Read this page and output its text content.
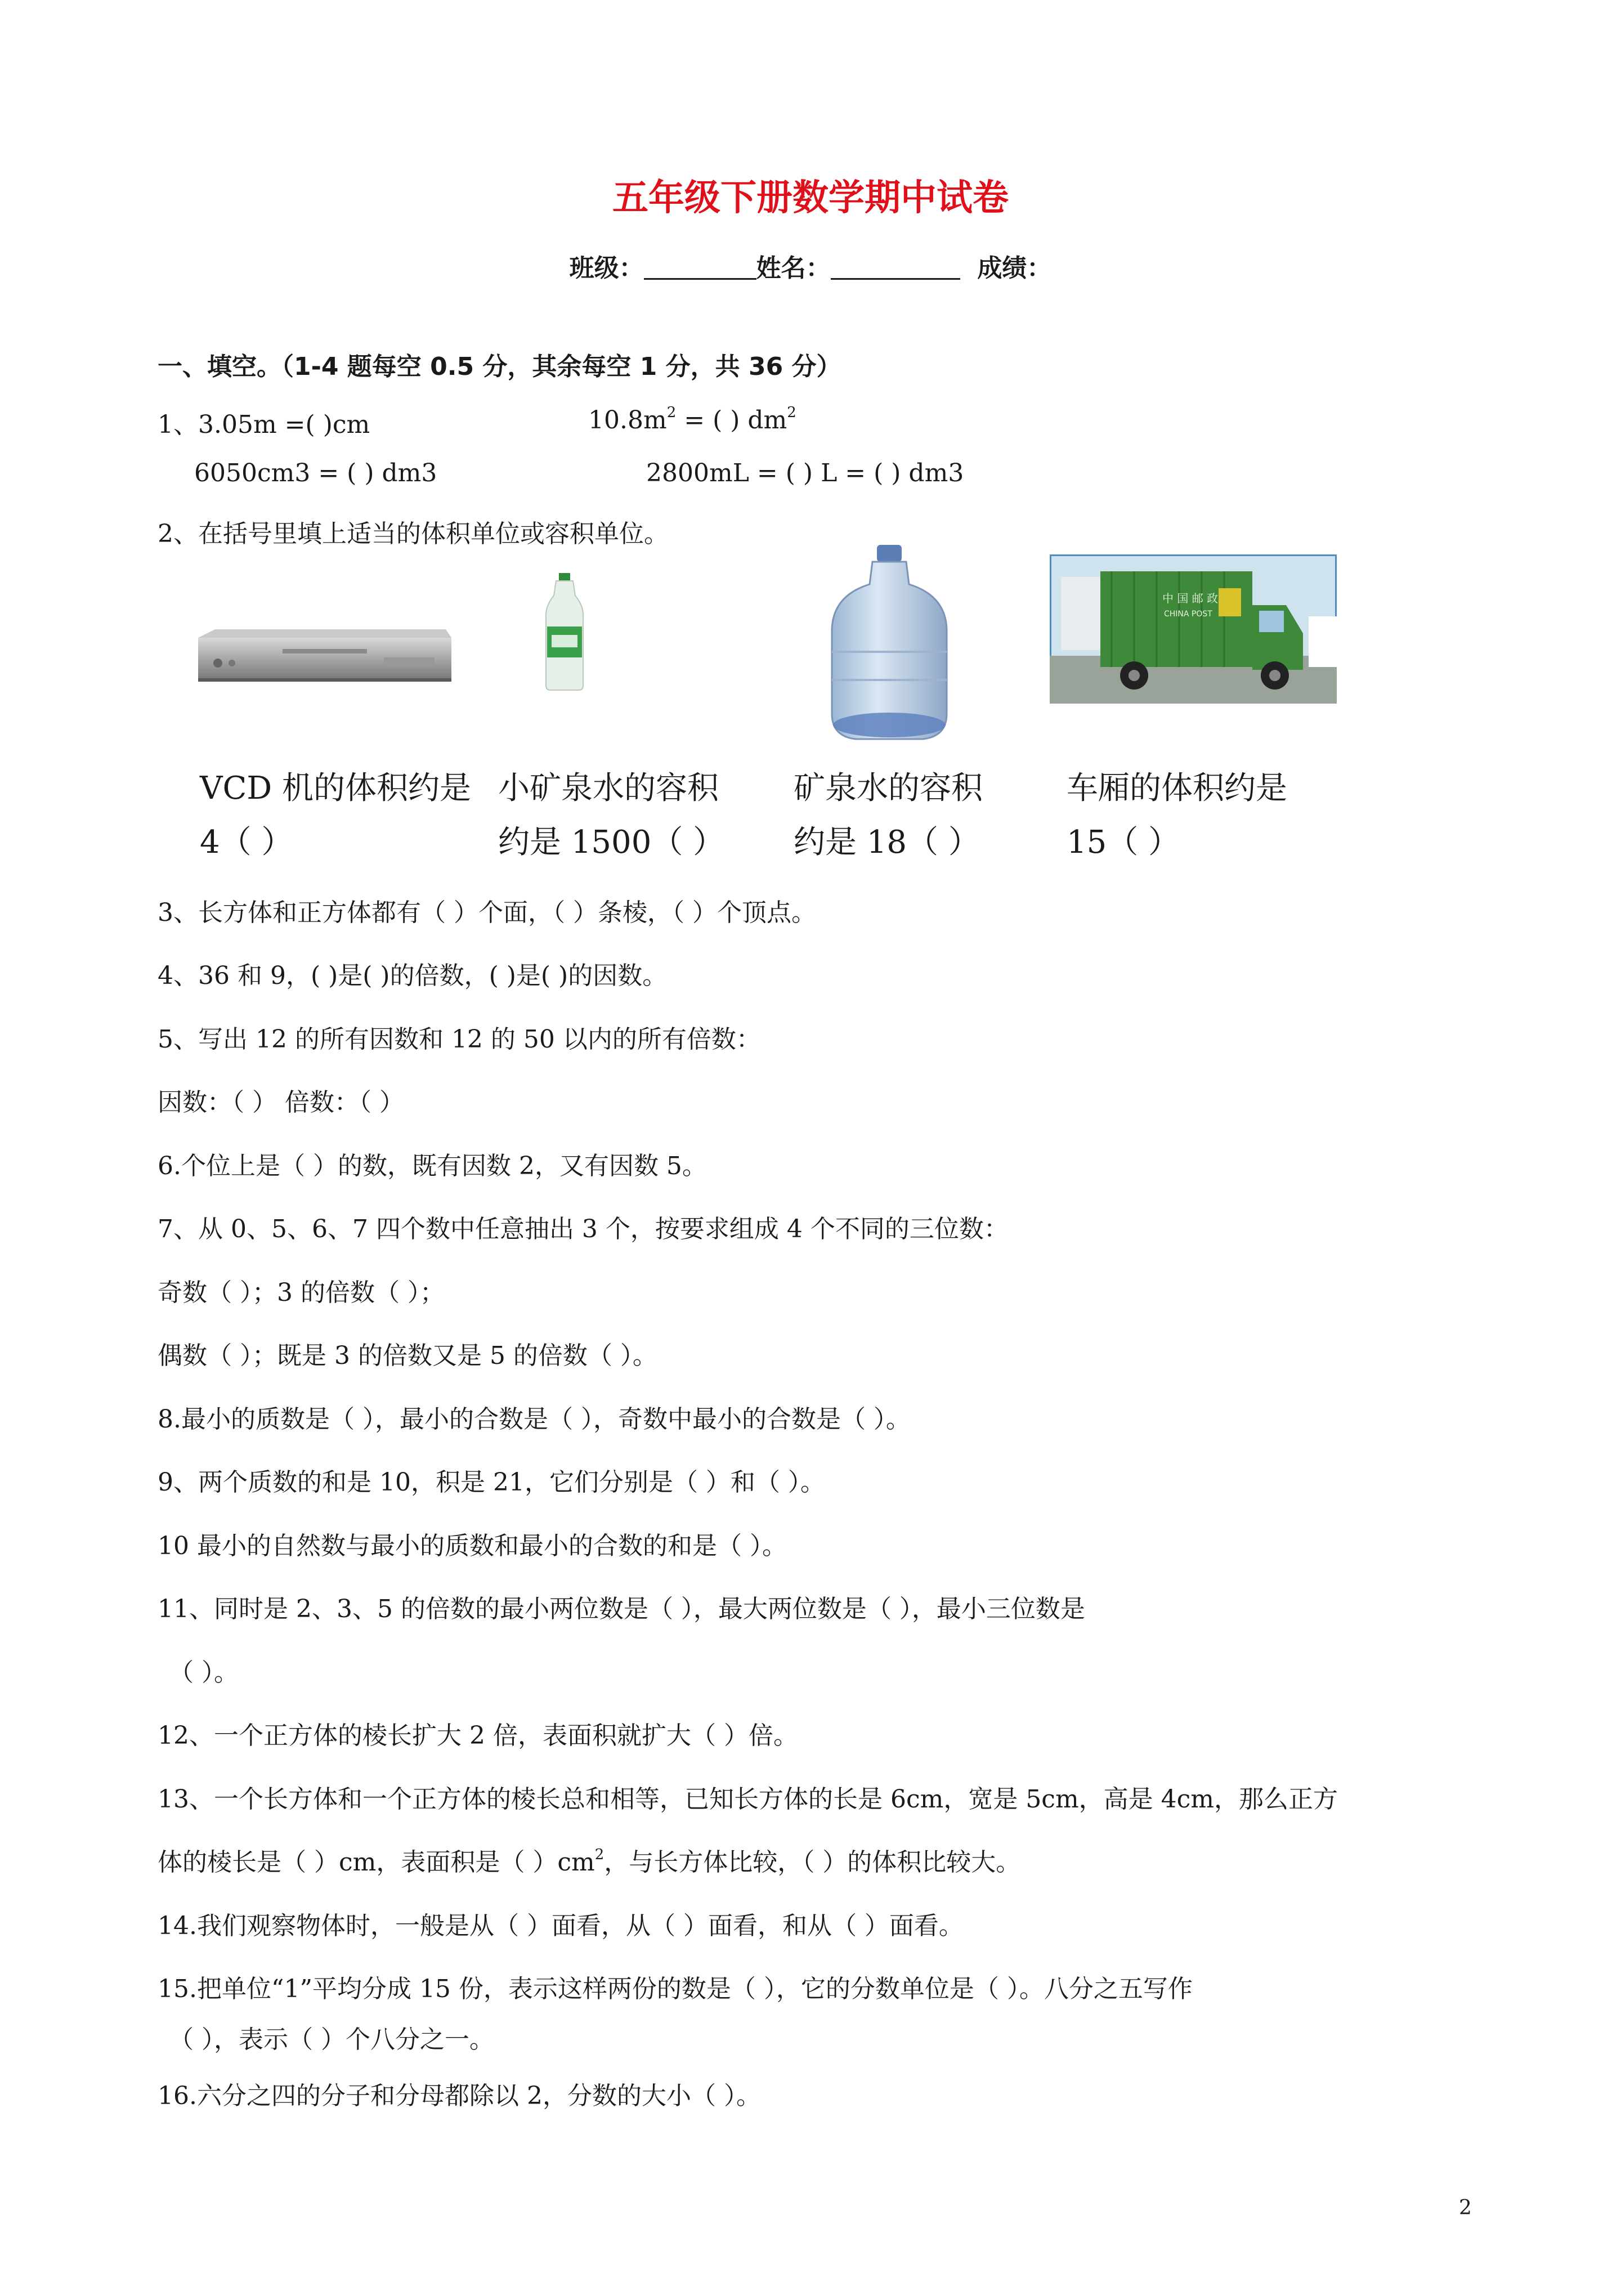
五年级下册数学期中试卷
班级：	姓名：	成绩：
一、填空。（1-4 题每空 0.5 分，其余每空 1 分，共 36 分）
1、3.05m =( )cm	$10.8m^2$ = ( ) $dm^2$
6050cm3 = ( ) dm3	2800mL = ( ) L = ( ) dm3
2、在括号里填上适当的体积单位或容积单位。
中 国 邮 政
CHINA POST
VCD 机的体积约是
4（ ）
小矿泉水的容积
约是 1500（ ）
矿泉水的容积
约是 18（ ）
车厢的体积约是
15（ ）
3、长方体和正方体都有（ ）个面，（ ）条棱，（ ）个顶点。
4、36 和 9，( )是( )的倍数，( )是( )的因数。
5、写出 12 的所有因数和 12 的 50 以内的所有倍数：
因数：（ ） 倍数：（ ）
6.个位上是（ ）的数，既有因数 2，又有因数 5。
7、从 0、5、6、7 四个数中任意抽出 3 个，按要求组成 4 个不同的三位数：
奇数（ ）；3 的倍数（ ）；
偶数（ ）；既是 3 的倍数又是 5 的倍数（ ）。
8.最小的质数是（ ），最小的合数是（ ），奇数中最小的合数是（ ）。
9、两个质数的和是 10，积是 21，它们分别是（ ）和（ ）。
10 最小的自然数与最小的质数和最小的合数的和是（ ）。
11、同时是 2、3、5 的倍数的最小两位数是（ ），最大两位数是（ ），最小三位数是
（ ）。
12、一个正方体的棱长扩大 2 倍，表面积就扩大（ ）倍。
13、一个长方体和一个正方体的棱长总和相等，已知长方体的长是 6cm，宽是 5cm，高是 4cm，那么正方
体的棱长是（ ）cm，表面积是（ ）$cm^2$，与长方体比较，（ ）的体积比较大。
14.我们观察物体时，一般是从（ ）面看，从（ ）面看，和从（ ）面看。
15.把单位“1”平均分成 15 份，表示这样两份的数是（ ），它的分数单位是（ ）。八分之五写作
（ ），表示（ ）个八分之一。
16.六分之四的分子和分母都除以 2，分数的大小（ ）。
2
